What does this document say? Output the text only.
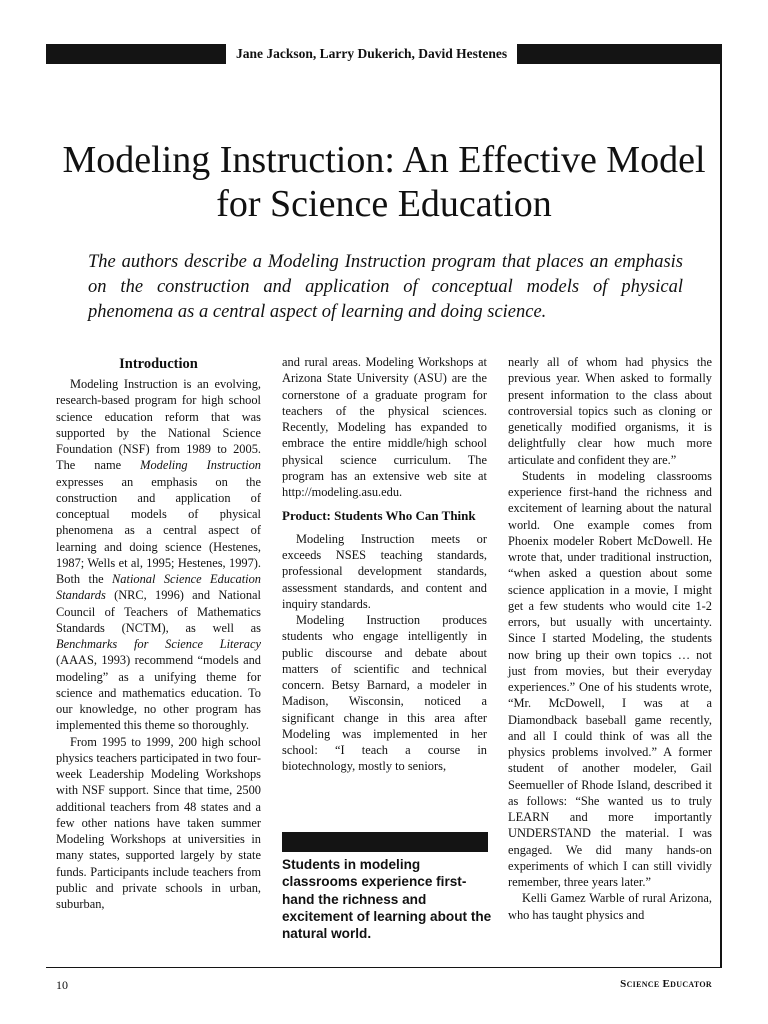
Jane Jackson, Larry Dukerich, David Hestenes
Modeling Instruction: An Effective Model for Science Education

The authors describe a Modeling Instruction program that places an emphasis on the construction and application of conceptual models of physical phenomena as a central aspect of learning and doing science.

Introduction

Modeling Instruction is an evolving, research-based program for high school science education reform that was supported by the National Science Foundation (NSF) from 1989 to 2005. The name Modeling Instruction expresses an emphasis on the construction and application of conceptual models of physical phenomena as a central aspect of learning and doing science (Hestenes, 1987; Wells et al, 1995; Hestenes, 1997). Both the National Science Education Standards (NRC, 1996) and National Council of Teachers of Mathematics Standards (NCTM), as well as Benchmarks for Science Literacy (AAAS, 1993) recommend “models and modeling” as a unifying theme for science and mathematics education. To our knowledge, no other program has implemented this theme so thoroughly.

From 1995 to 1999, 200 high school physics teachers participated in two four-week Leadership Modeling Workshops with NSF support. Since that time, 2500 additional teachers from 48 states and a few other nations have taken summer Modeling Workshops at universities in many states, supported largely by state funds. Participants include teachers from public and private schools in urban, suburban,

and rural areas. Modeling Workshops at Arizona State University (ASU) are the cornerstone of a graduate program for teachers of the physical sciences. Recently, Modeling has expanded to embrace the entire middle/high school physical science curriculum. The program has an extensive web site at http://modeling.asu.edu.

Product: Students Who Can Think

Modeling Instruction meets or exceeds NSES teaching standards, professional development standards, assessment standards, and content and inquiry standards.

Modeling Instruction produces students who engage intelligently in public discourse and debate about matters of scientific and technical concern. Betsy Barnard, a modeler in Madison, Wisconsin, noticed a significant change in this area after Modeling was implemented in her school: “I teach a course in biotechnology, mostly to seniors,

Students in modeling classrooms experience first-hand the richness and excitement of learning about the natural world.

nearly all of whom had physics the previous year. When asked to formally present information to the class about controversial topics such as cloning or genetically modified organisms, it is delightfully clear how much more articulate and confident they are.”

Students in modeling classrooms experience first-hand the richness and excitement of learning about the natural world. One example comes from Phoenix modeler Robert McDowell. He wrote that, under traditional instruction, “when asked a question about some science application in a movie, I might get a few students who would cite 1-2 errors, but usually with uncertainty. Since I started Modeling, the students now bring up their own topics … not just from movies, but their everyday experiences.” One of his students wrote, “Mr. McDowell, I was at a Diamondback baseball game recently, and all I could think of was all the physics problems involved.” A former student of another modeler, Gail Seemueller of Rhode Island, described it as follows: “She wanted us to truly LEARN and more importantly UNDERSTAND the material. I was engaged. We did many hands-on experiments of which I can still vividly remember, three years later.”

Kelli Gamez Warble of rural Arizona, who has taught physics and

10	Science Educator
